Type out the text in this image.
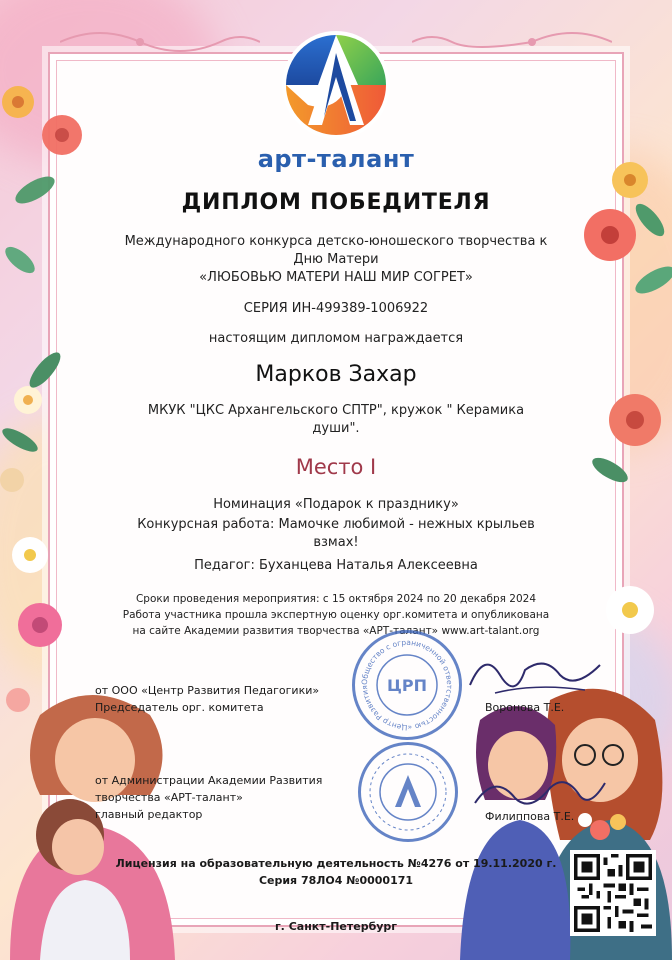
арт-талант
ДИПЛОМ ПОБЕДИТЕЛЯ
Международного конкурса детско-юношеского творчества к
Дню Матери
«ЛЮБОВЬЮ МАТЕРИ НАШ МИР СОГРЕТ»
СЕРИЯ ИН-499389-1006922
настоящим дипломом награждается
Марков Захар
МКУК "ЦКС Архангельского СПТР", кружок " Керамика
души".
Место I
Номинация «Подарок к празднику»
Конкурсная работа: Мамочке любимой - нежных крыльев
взмах!
Педагог: Буханцева Наталья Алексеевна
Сроки проведения мероприятия: с 15 октября 2024 по 20 декабря 2024
Работа участника прошла экспертную оценку орг.комитета и опубликована
на сайте Академии развития творчества «АРТ-талант» www.art-talant.org
Общество с ограниченной ответственностью «Центр Развития	ЦРП
от ООО «Центр Развития Педагогики»
Председатель орг. комитета	Воронова Т.Е.
от Администрации Академии Развития
творчества «АРТ-талант»
главный редактор	Филиппова Т.Е.
Лицензия на образовательную деятельность №4276 от 19.11.2020 г.
Серия 78ЛО4 №0000171
г. Санкт-Петербург
